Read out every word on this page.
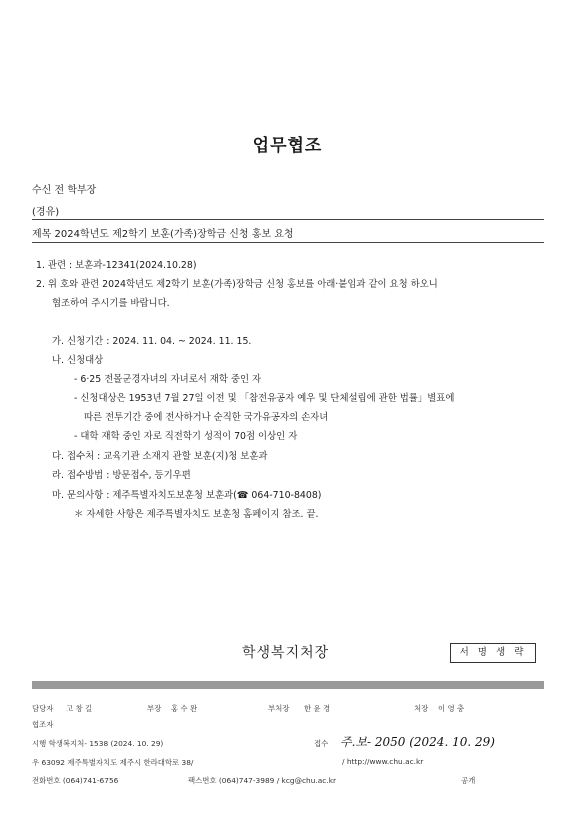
업무협조
수신 전 학부장
(경유)
제목 2024학년도 제2학기 보훈(가족)장학금 신청 홍보 요청
1. 관련 : 보훈과-12341(2024.10.28)
2. 위 호와 관련 2024학년도 제2학기 보훈(가족)장학금 신청 홍보를 아래·붙임과 같이 요청 하오니
협조하여 주시기를 바랍니다.
가. 신청기간 : 2024. 11. 04. ~ 2024. 11. 15.
나. 신청대상
- 6·25 전몰군경자녀의 자녀로서 재학 중인 자
- 신청대상은 1953년 7월 27일 이전 및 「참전유공자 예우 및 단체설립에 관한 법률」별표에
따른 전투기간 중에 전사하거나 순직한 국가유공자의 손자녀
- 대학 재학 중인 자로 직전학기 성적이 70점 이상인 자
다. 접수처 : 교육기관 소재지 관할 보훈(지)청 보훈과
라. 접수방법 : 방문접수, 등기우편
마. 문의사항 : 제주특별자치도보훈청 보훈과(☎ 064-710-8408)
＊ 자세한 사항은 제주특별자치도 보훈청 홈페이지 참조. 끝.
학생복지처장	서 명 생 략
담당자 고 창 길	부장 홍 수 완	부처장 한 윤 경	처장 이 영 충
협조자
시행 학생복지처- 1538 (2024. 10. 29)	접수 주.보- 2050 (2024. 10. 29)
우 63092 제주특별자치도 제주시 한라대학로 38/	/ http://www.chu.ac.kr
전화번호 (064)741-6756	팩스번호 (064)747-3989 / kcg@chu.ac.kr	공개
